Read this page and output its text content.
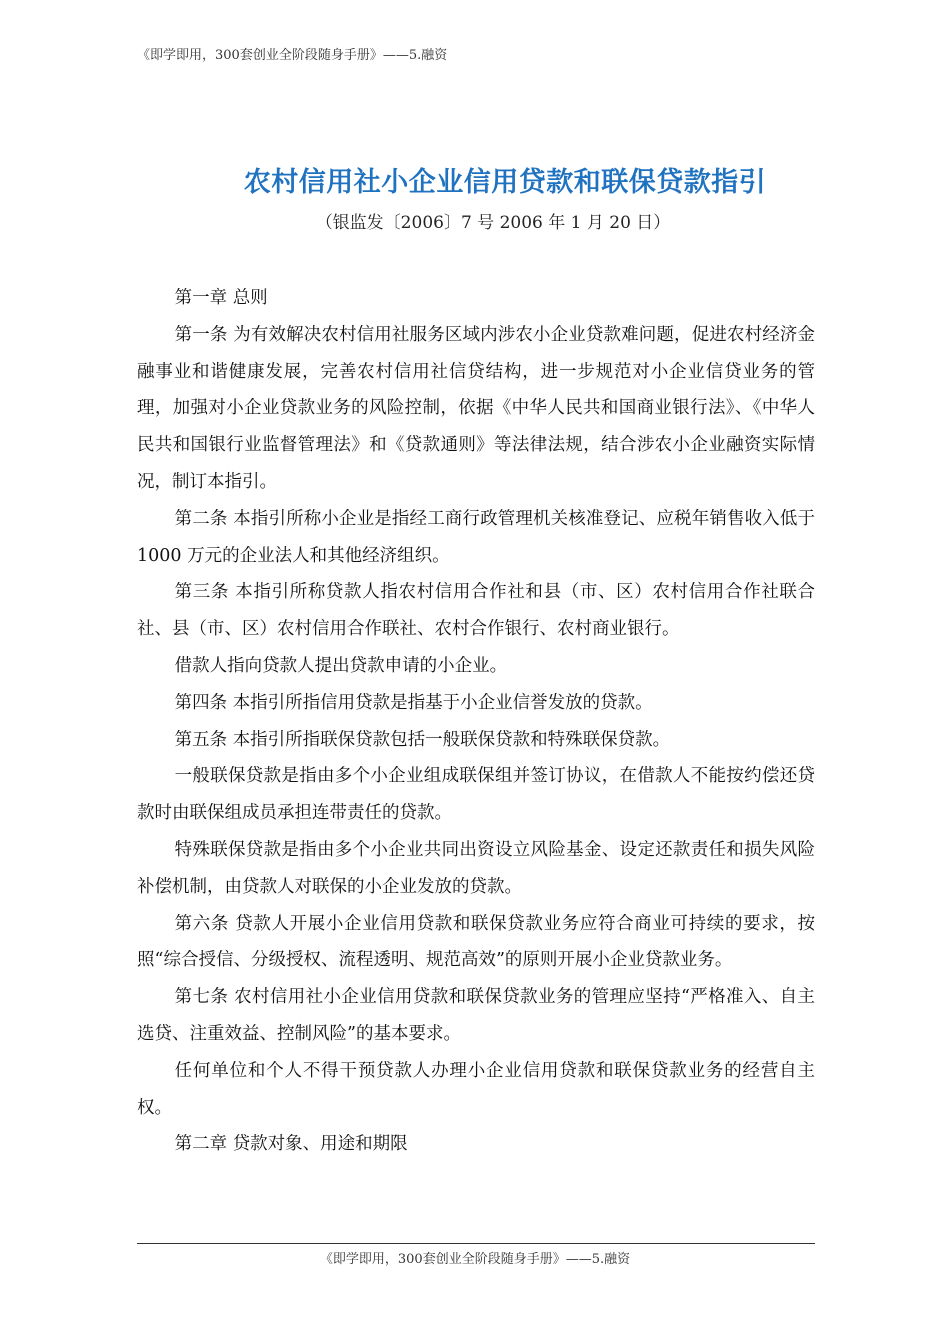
《即学即用，300套创业全阶段随身手册》——5.融资
农村信用社小企业信用贷款和联保贷款指引
（银监发〔2006〕7 号 2006 年 1 月 20 日）

第一章 总则

第一条 为有效解决农村信用社服务区域内涉农小企业贷款难问题，促进农村经济金融事业和谐健康发展，完善农村信用社信贷结构，进一步规范对小企业信贷业务的管理，加强对小企业贷款业务的风险控制，依据《中华人民共和国商业银行法》、《中华人民共和国银行业监督管理法》和《贷款通则》等法律法规，结合涉农小企业融资实际情况，制订本指引。

第二条 本指引所称小企业是指经工商行政管理机关核准登记、应税年销售收入低于 1000 万元的企业法人和其他经济组织。

第三条 本指引所称贷款人指农村信用合作社和县（市、区）农村信用合作社联合社、县（市、区）农村信用合作联社、农村合作银行、农村商业银行。

借款人指向贷款人提出贷款申请的小企业。

第四条 本指引所指信用贷款是指基于小企业信誉发放的贷款。

第五条 本指引所指联保贷款包括一般联保贷款和特殊联保贷款。

一般联保贷款是指由多个小企业组成联保组并签订协议，在借款人不能按约偿还贷款时由联保组成员承担连带责任的贷款。

特殊联保贷款是指由多个小企业共同出资设立风险基金、设定还款责任和损失风险补偿机制，由贷款人对联保的小企业发放的贷款。

第六条 贷款人开展小企业信用贷款和联保贷款业务应符合商业可持续的要求，按照“综合授信、分级授权、流程透明、规范高效”的原则开展小企业贷款业务。

第七条 农村信用社小企业信用贷款和联保贷款业务的管理应坚持“严格准入、自主选贷、注重效益、控制风险”的基本要求。

任何单位和个人不得干预贷款人办理小企业信用贷款和联保贷款业务的经营自主权。

第二章 贷款对象、用途和期限

《即学即用，300套创业全阶段随身手册》——5.融资
